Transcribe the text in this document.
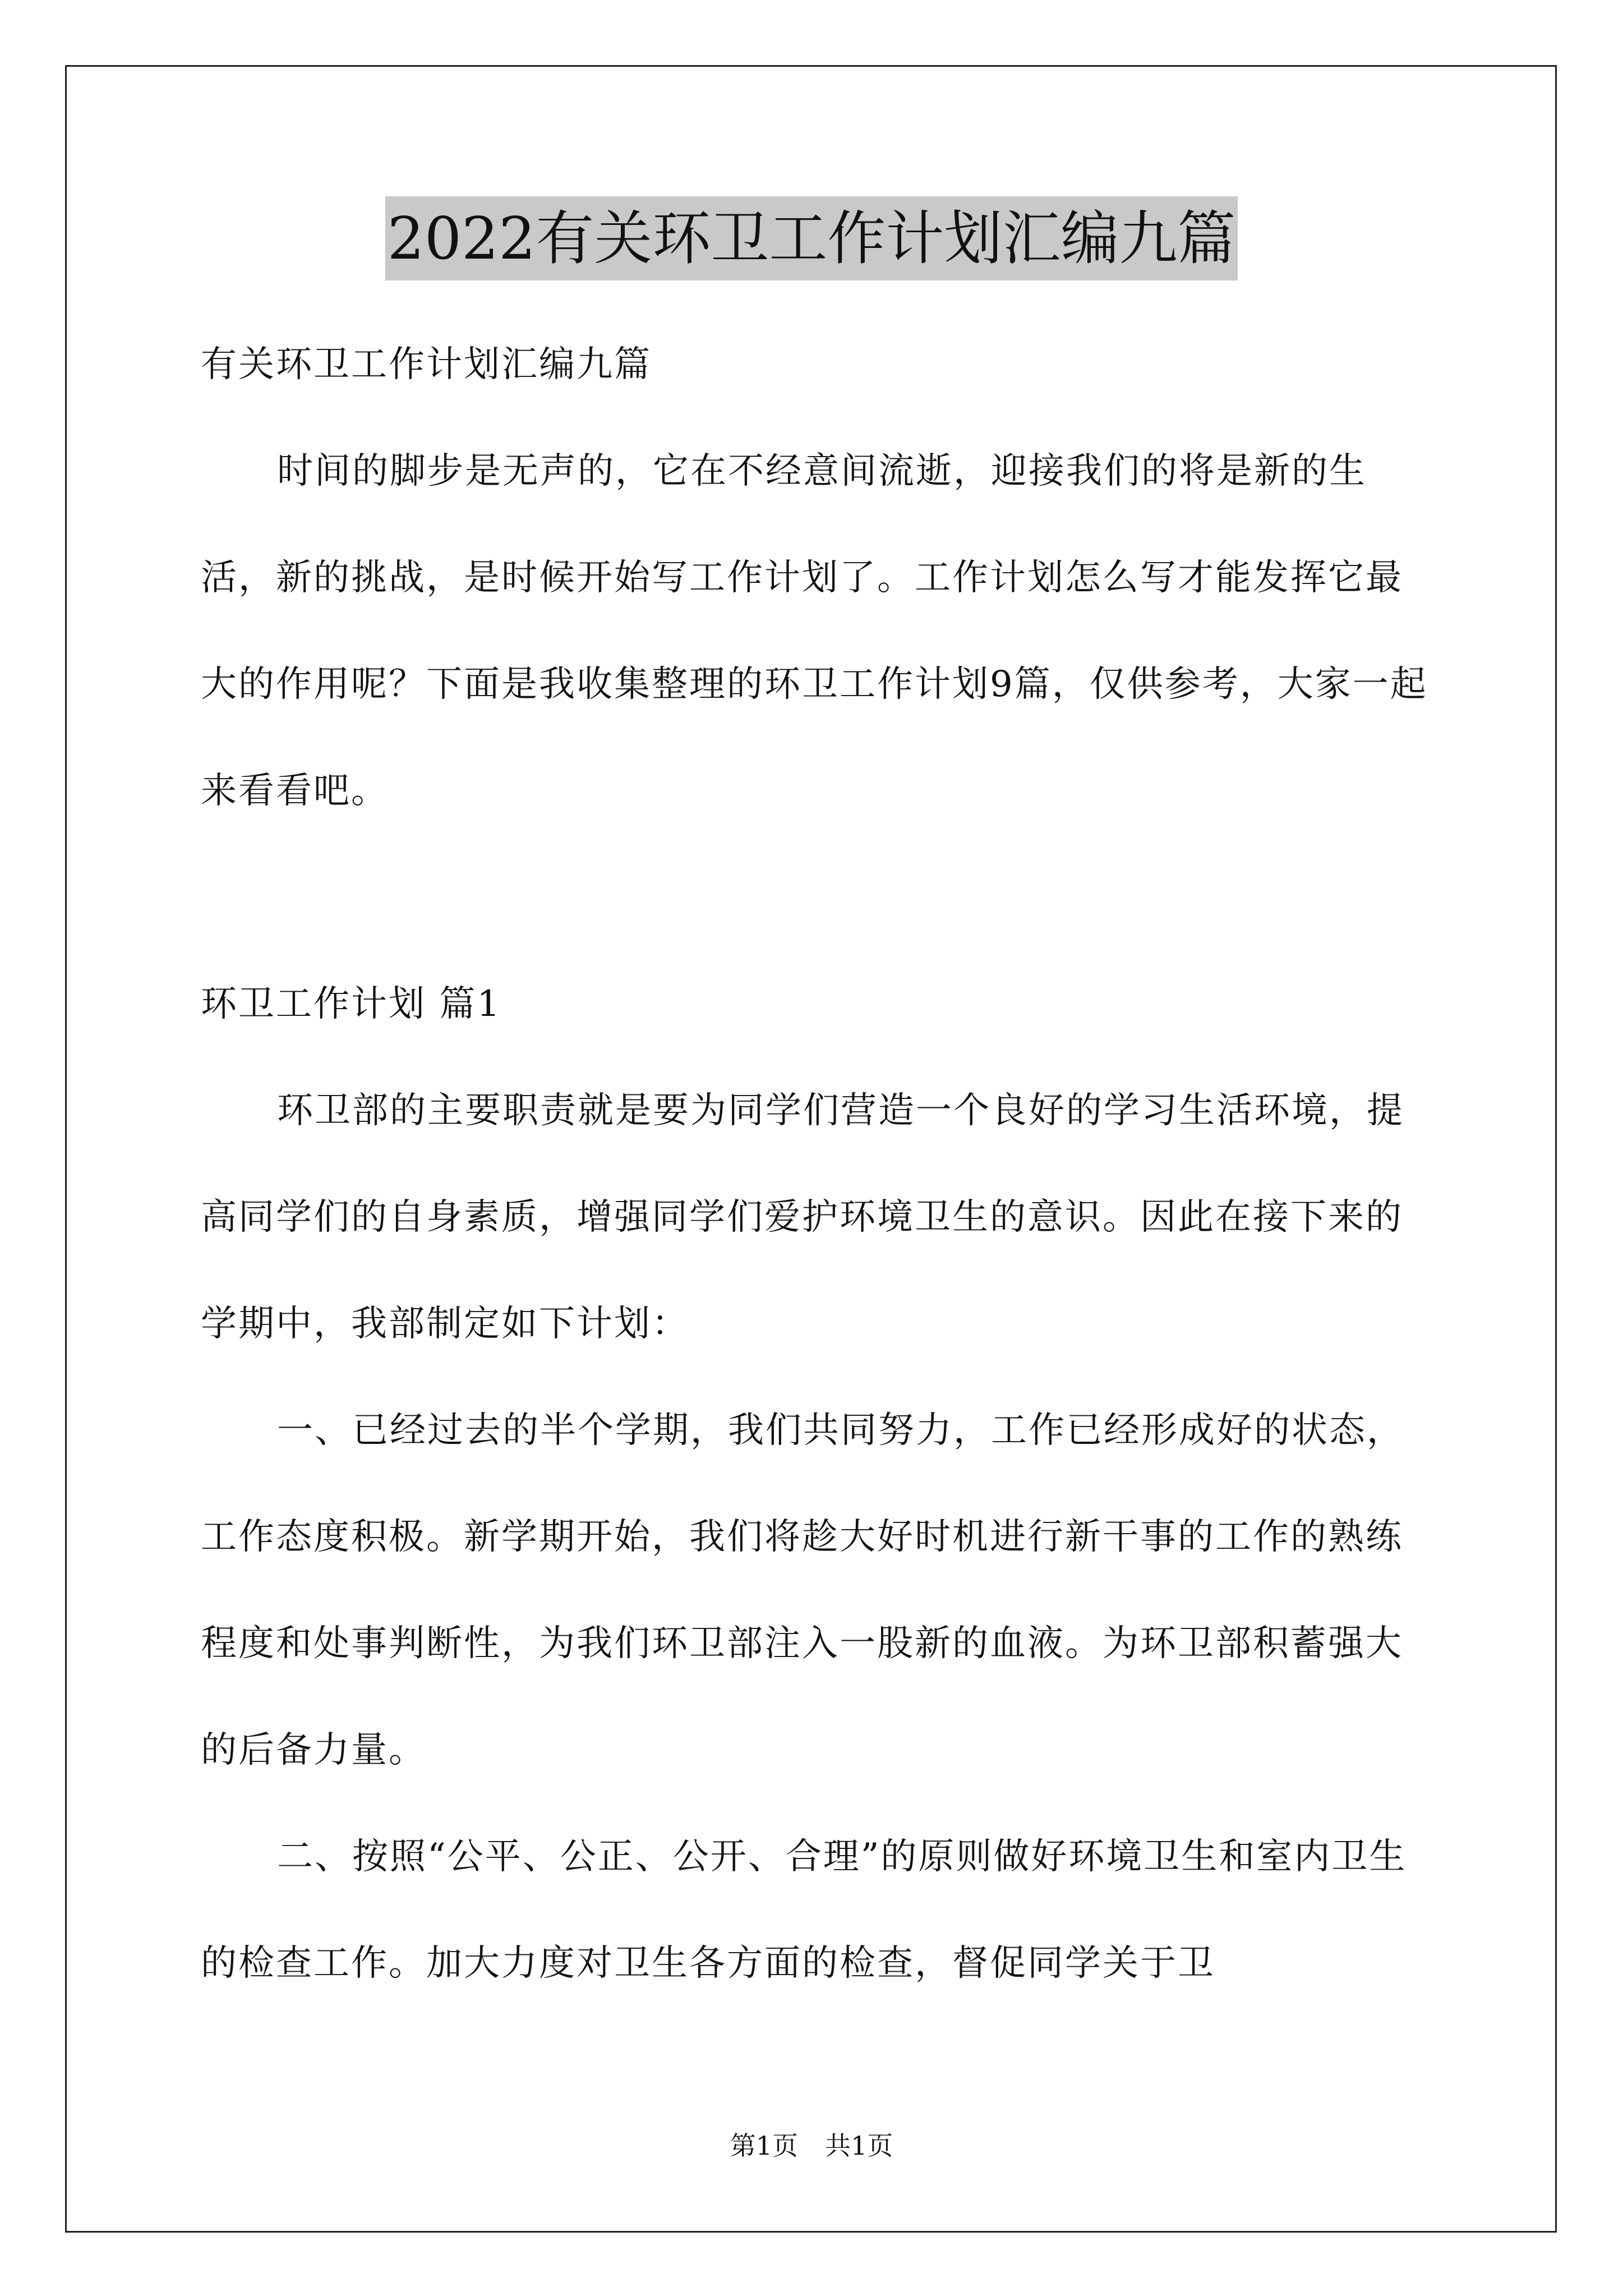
2022有关环卫工作计划汇编九篇

有关环卫工作计划汇编九篇

时间的脚步是无声的，它在不经意间流逝，迎接我们的将是新的生活，新的挑战，是时候开始写工作计划了。工作计划怎么写才能发挥它最大的作用呢？下面是我收集整理的环卫工作计划9篇，仅供参考，大家一起来看看吧。

环卫工作计划 篇1

环卫部的主要职责就是要为同学们营造一个良好的学习生活环境，提高同学们的自身素质，增强同学们爱护环境卫生的意识。因此在接下来的学期中，我部制定如下计划：

一、已经过去的半个学期，我们共同努力，工作已经形成好的状态，工作态度积极。新学期开始，我们将趁大好时机进行新干事的工作的熟练程度和处事判断性，为我们环卫部注入一股新的血液。为环卫部积蓄强大的后备力量。

二、按照“公平、公正、公开、合理”的原则做好环境卫生和室内卫生的检查工作。加大力度对卫生各方面的检查，督促同学关于卫

第1页 共1页
